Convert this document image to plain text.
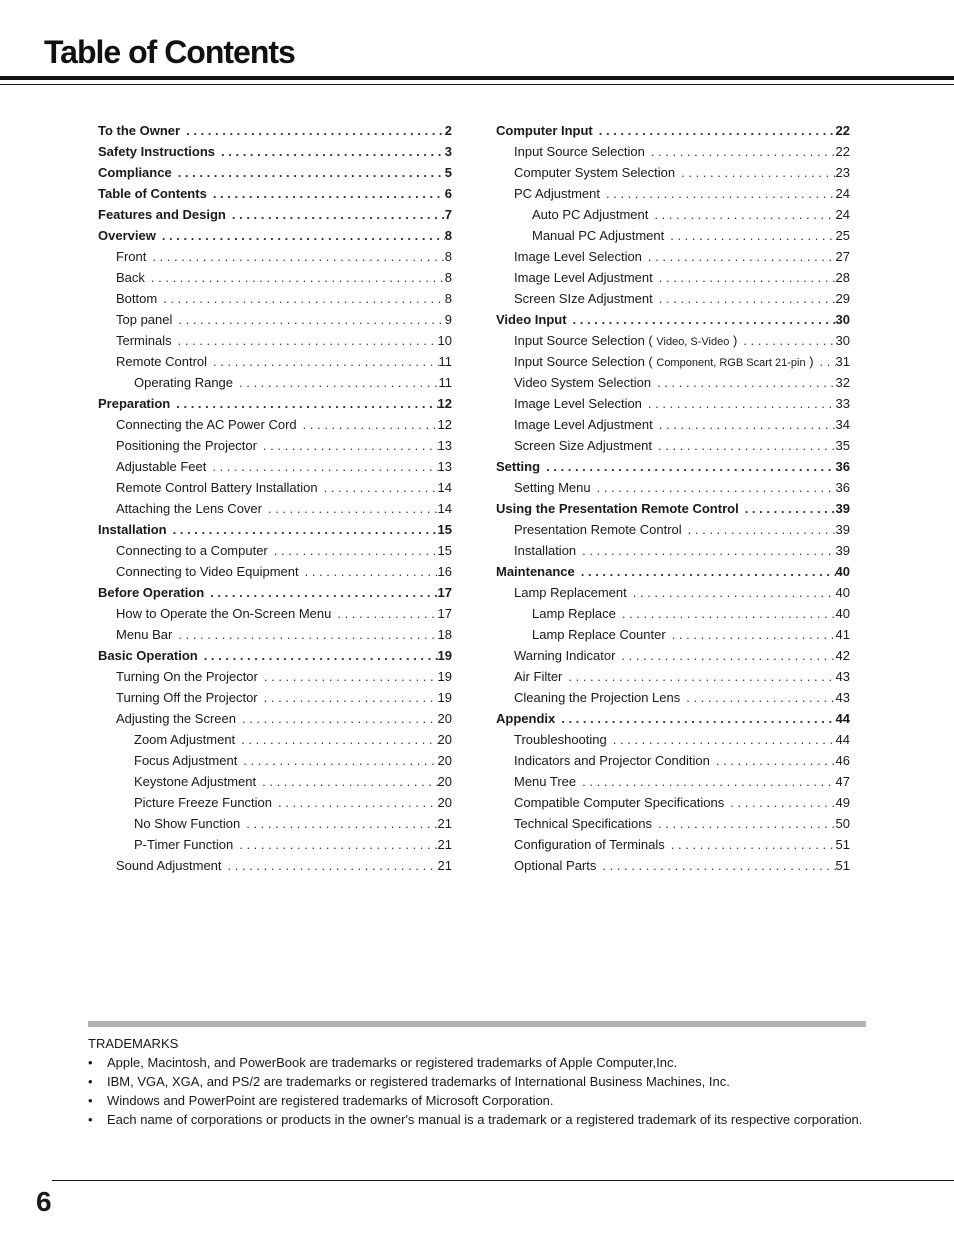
Table of Contents
To the Owner . . .	2
Safety Instructions . . .	3
Compliance . . .	5
Table of Contents . . .	6
Features and Design . . .	7
Overview . . .	8
Front . . .	8
Back . . .	8
Bottom . . .	8
Top panel . . .	9
Terminals . . .	10
Remote Control . . .	11
Operating Range . . .	11
Preparation . . .	12
Connecting the AC Power Cord . . .	12
Positioning the Projector . . .	13
Adjustable Feet . . .	13
Remote Control Battery Installation . . .	14
Attaching the Lens Cover . . .	14
Installation . . .	15
Connecting to a Computer . . .	15
Connecting to Video Equipment . . .	16
Before Operation . . .	17
How to Operate the On-Screen Menu . . .	17
Menu Bar . . .	18
Basic Operation . . .	19
Turning On the Projector . . .	19
Turning Off the Projector . . .	19
Adjusting the Screen . . .	20
Zoom Adjustment . . .	20
Focus Adjustment . . .	20
Keystone Adjustment . . .	20
Picture Freeze Function . . .	20
No Show Function . . .	21
P-Timer Function . . .	21
Sound Adjustment . . .	21
Computer Input . . .	22
Input Source Selection . . .	22
Computer System Selection . . .	23
PC Adjustment . . .	24
Auto PC Adjustment . . .	24
Manual PC Adjustment . . .	25
Image Level Selection . . .	27
Image Level Adjustment . . .	28
Screen SIze Adjustment . . .	29
Video Input . . .	30
Input Source Selection ( Video, S-Video ) . . .	30
Input Source Selection ( Component, RGB Scart 21-pin ) . . .	31
Video System Selection . . .	32
Image Level Selection . . .	33
Image Level Adjustment . . .	34
Screen Size Adjustment . . .	35
Setting . . .	36
Setting Menu . . .	36
Using the Presentation Remote Control . . .	39
Presentation Remote Control . . .	39
Installation . . .	39
Maintenance . . .	40
Lamp Replacement . . .	40
Lamp Replace . . .	40
Lamp Replace Counter . . .	41
Warning Indicator . . .	42
Air Filter . . .	43
Cleaning the Projection Lens . . .	43
Appendix . . .	44
Troubleshooting . . .	44
Indicators and Projector Condition . . .	46
Menu Tree . . .	47
Compatible Computer Specifications . . .	49
Technical Specifications . . .	50
Configuration of Terminals . . .	51
Optional Parts . . .	51
TRADEMARKS
• Apple, Macintosh, and PowerBook are trademarks or registered trademarks of Apple Computer,Inc.
• IBM, VGA, XGA, and PS/2 are trademarks or registered trademarks of International Business Machines, Inc.
• Windows and PowerPoint are registered trademarks of Microsoft Corporation.
• Each name of corporations or products in the owner's manual is a trademark or a registered trademark of its respective corporation.
6
